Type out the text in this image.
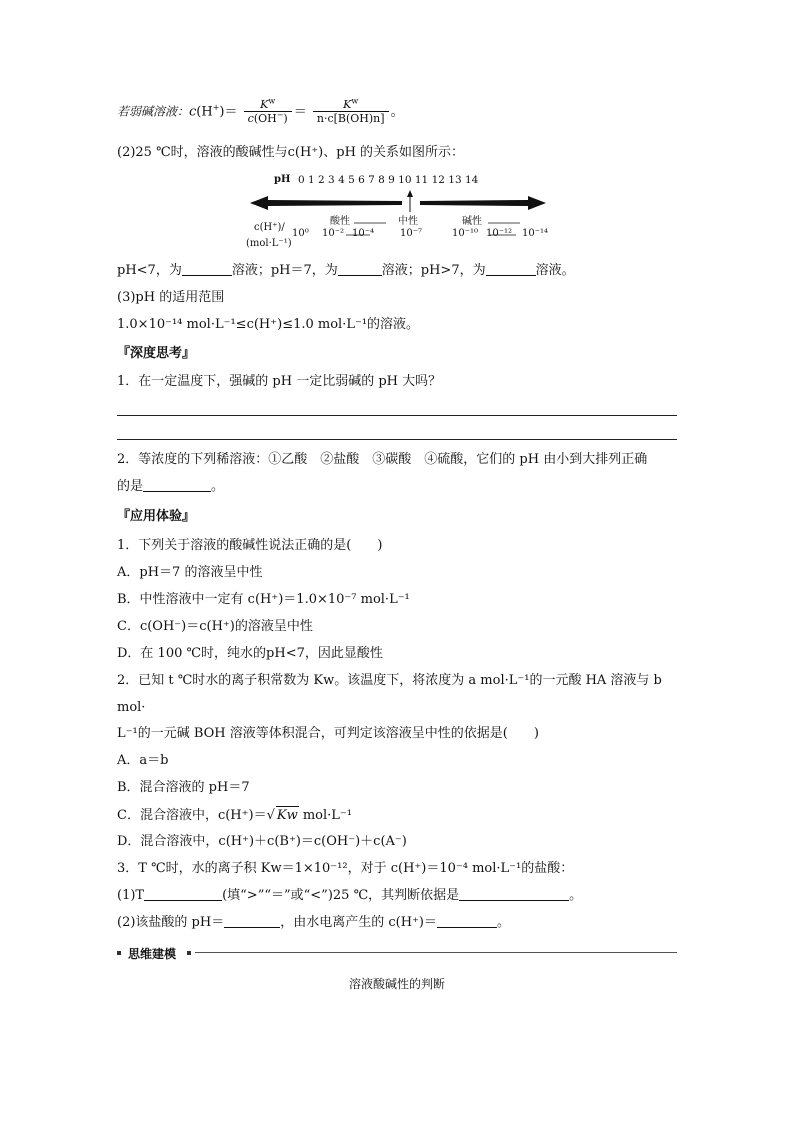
若弱碱溶液：$c(H^+)= \frac{K^w}{c(OH^-)} = \frac{K^w}{n\cdot c[B(OH)n]}$ 。
(2)25 ℃时，溶液的酸碱性与c(H⁺)、pH 的关系如图所示：
pH 0 1 2 3 4 5 6 7 8 9 10 11 12 13 14
酸性	中性	碱性
c(H⁺)/
(mol·L⁻¹)
10⁰ 10⁻² 10⁻⁴	10⁻⁷	10⁻¹⁰ 10⁻¹² 10⁻¹⁴
pH<7，为	溶液；pH＝7，为	溶液；pH>7，为	溶液。
(3)pH 的适用范围
1.0×10⁻¹⁴ mol·L⁻¹≤c(H⁺)≤1.0 mol·L⁻¹的溶液。
『深度思考』
1．在一定温度下，强碱的 pH 一定比弱碱的 pH 大吗？
2．等浓度的下列稀溶液：①乙酸　②盐酸　③碳酸　④硫酸，它们的 pH 由小到大排列正确
的是	。
『应用体验』
1．下列关于溶液的酸碱性说法正确的是(　　)
A．pH＝7 的溶液呈中性
B．中性溶液中一定有 c(H⁺)＝1.0×10⁻⁷ mol·L⁻¹
C．c(OH⁻)＝c(H⁺)的溶液呈中性
D．在 100 ℃时，纯水的pH<7，因此显酸性
2．已知 t ℃时水的离子积常数为 Kw。该温度下，将浓度为 a mol·L⁻¹的一元酸 HA 溶液与 b
mol·
L⁻¹的一元碱 BOH 溶液等体积混合，可判定该溶液呈中性的依据是(　　)
A．a＝b
B．混合溶液的 pH＝7
C．混合溶液中，c(H⁺)＝√ Kw mol·L⁻¹
D．混合溶液中，c(H⁺)＋c(B⁺)＝c(OH⁻)＋c(A⁻)
3．T ℃时，水的离子积 Kw＝1×10⁻¹²，对于 c(H⁺)＝10⁻⁴ mol·L⁻¹的盐酸：
(1)T	(填“>”“＝”或“<”)25 ℃，其判断依据是	。
(2)该盐酸的 pH＝	，由水电离产生的 c(H⁺)＝	。
思维建模
溶液酸碱性的判断
